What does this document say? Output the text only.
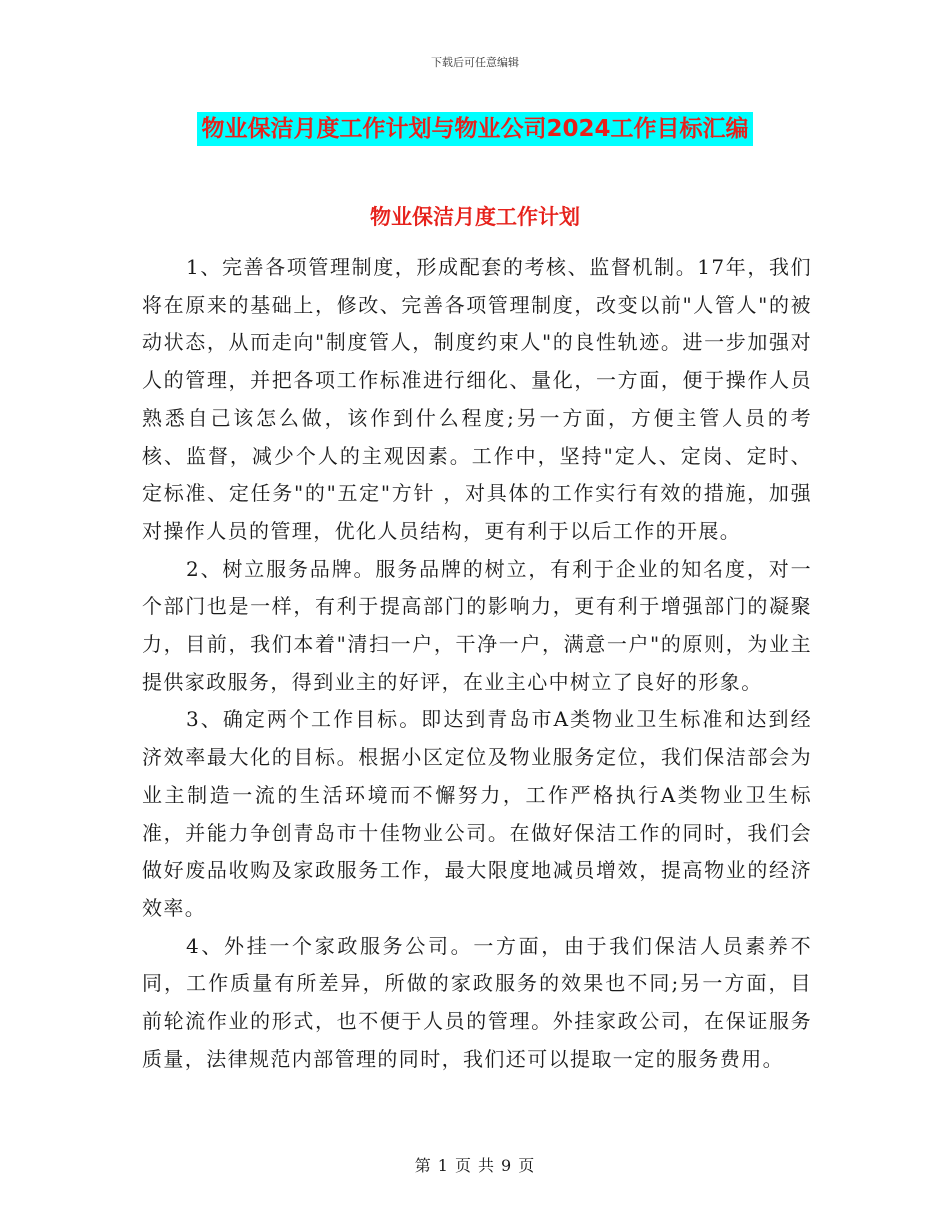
下载后可任意编辑
物业保洁月度工作计划与物业公司2024工作目标汇编
物业保洁月度工作计划

1、完善各项管理制度，形成配套的考核、监督机制。17年，我们将在原来的基础上，修改、完善各项管理制度，改变以前"人管人"的被动状态，从而走向"制度管人，制度约束人"的良性轨迹。进一步加强对人的管理，并把各项工作标准进行细化、量化，一方面，便于操作人员熟悉自己该怎么做，该作到什么程度;另一方面，方便主管人员的考核、监督，减少个人的主观因素。工作中，坚持"定人、定岗、定时、定标准、定任务"的"五定"方针 ，对具体的工作实行有效的措施，加强对操作人员的管理，优化人员结构，更有利于以后工作的开展。

2、树立服务品牌。服务品牌的树立，有利于企业的知名度，对一个部门也是一样，有利于提高部门的影响力，更有利于增强部门的凝聚力，目前，我们本着"清扫一户，干净一户，满意一户"的原则，为业主提供家政服务，得到业主的好评，在业主心中树立了良好的形象。

3、确定两个工作目标。即达到青岛市A类物业卫生标准和达到经济效率最大化的目标。根据小区定位及物业服务定位，我们保洁部会为业主制造一流的生活环境而不懈努力，工作严格执行A类物业卫生标准，并能力争创青岛市十佳物业公司。在做好保洁工作的同时，我们会做好废品收购及家政服务工作，最大限度地减员增效，提高物业的经济效率。

4、外挂一个家政服务公司。一方面，由于我们保洁人员素养不同，工作质量有所差异，所做的家政服务的效果也不同;另一方面，目前轮流作业的形式，也不便于人员的管理。外挂家政公司，在保证服务质量，法律规范内部管理的同时，我们还可以提取一定的服务费用。

第 1 页 共 9 页
